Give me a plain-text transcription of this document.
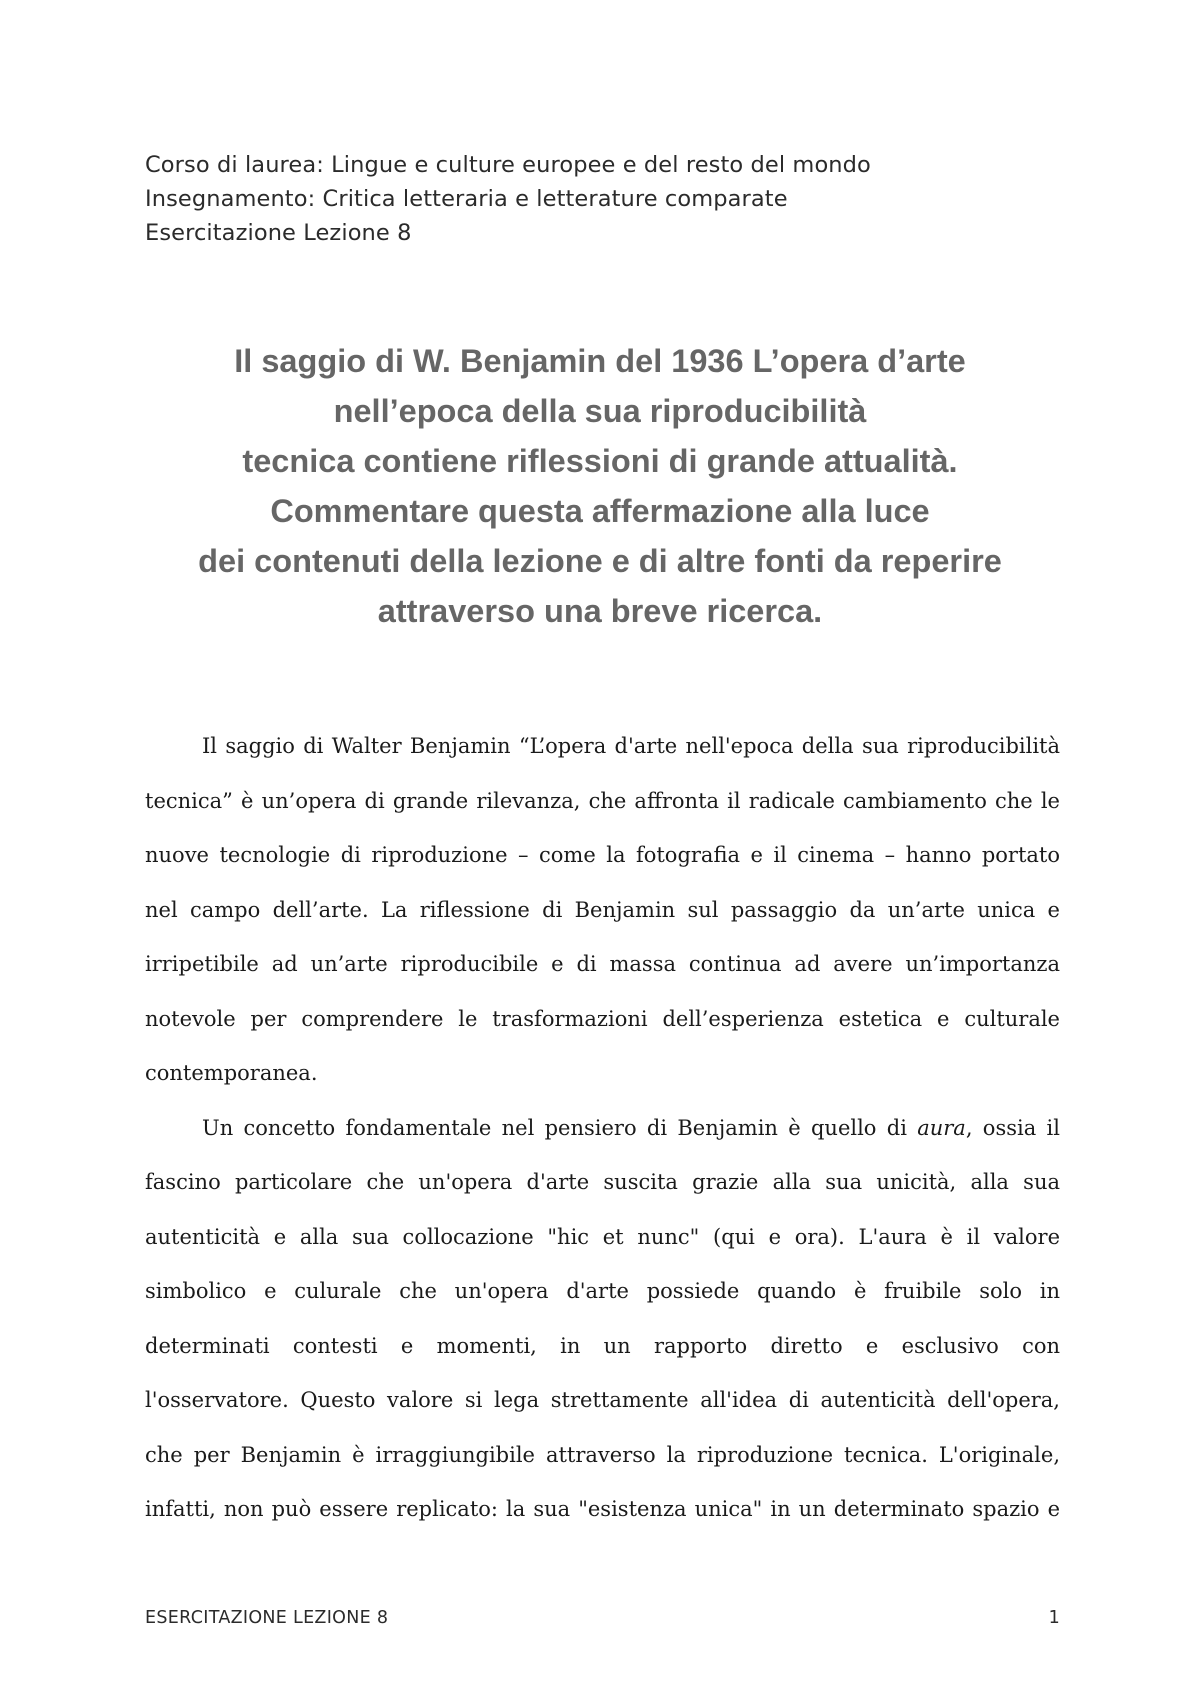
Corso di laurea: Lingue e culture europee e del resto del mondo
Insegnamento: Critica letteraria e letterature comparate
Esercitazione Lezione 8
Il saggio di W. Benjamin del 1936 L’opera d’arte
nell’epoca della sua riproducibilità
tecnica contiene riflessioni di grande attualità.
Commentare questa affermazione alla luce
dei contenuti della lezione e di altre fonti da reperire
attraverso una breve ricerca.
Il saggio di Walter Benjamin “L’opera d'arte nell'epoca della sua riproducibilità
tecnica” è un’opera di grande rilevanza, che affronta il radicale cambiamento che le
nuove tecnologie di riproduzione – come la fotografia e il cinema – hanno portato
nel campo dell’arte. La riflessione di Benjamin sul passaggio da un’arte unica e
irripetibile ad un’arte riproducibile e di massa continua ad avere un’importanza
notevole per comprendere le trasformazioni dell’esperienza estetica e culturale
contemporanea.
Un concetto fondamentale nel pensiero di Benjamin è quello di aura, ossia il
fascino particolare che un'opera d'arte suscita grazie alla sua unicità, alla sua
autenticità e alla sua collocazione "hic et nunc" (qui e ora). L'aura è il valore
simbolico e culurale che un'opera d'arte possiede quando è fruibile solo in
determinati contesti e momenti, in un rapporto diretto e esclusivo con
l'osservatore. Questo valore si lega strettamente all'idea di autenticità dell'opera,
che per Benjamin è irraggiungibile attraverso la riproduzione tecnica. L'originale,
infatti, non può essere replicato: la sua "esistenza unica" in un determinato spazio e
ESERCITAZIONE LEZIONE 8	1
